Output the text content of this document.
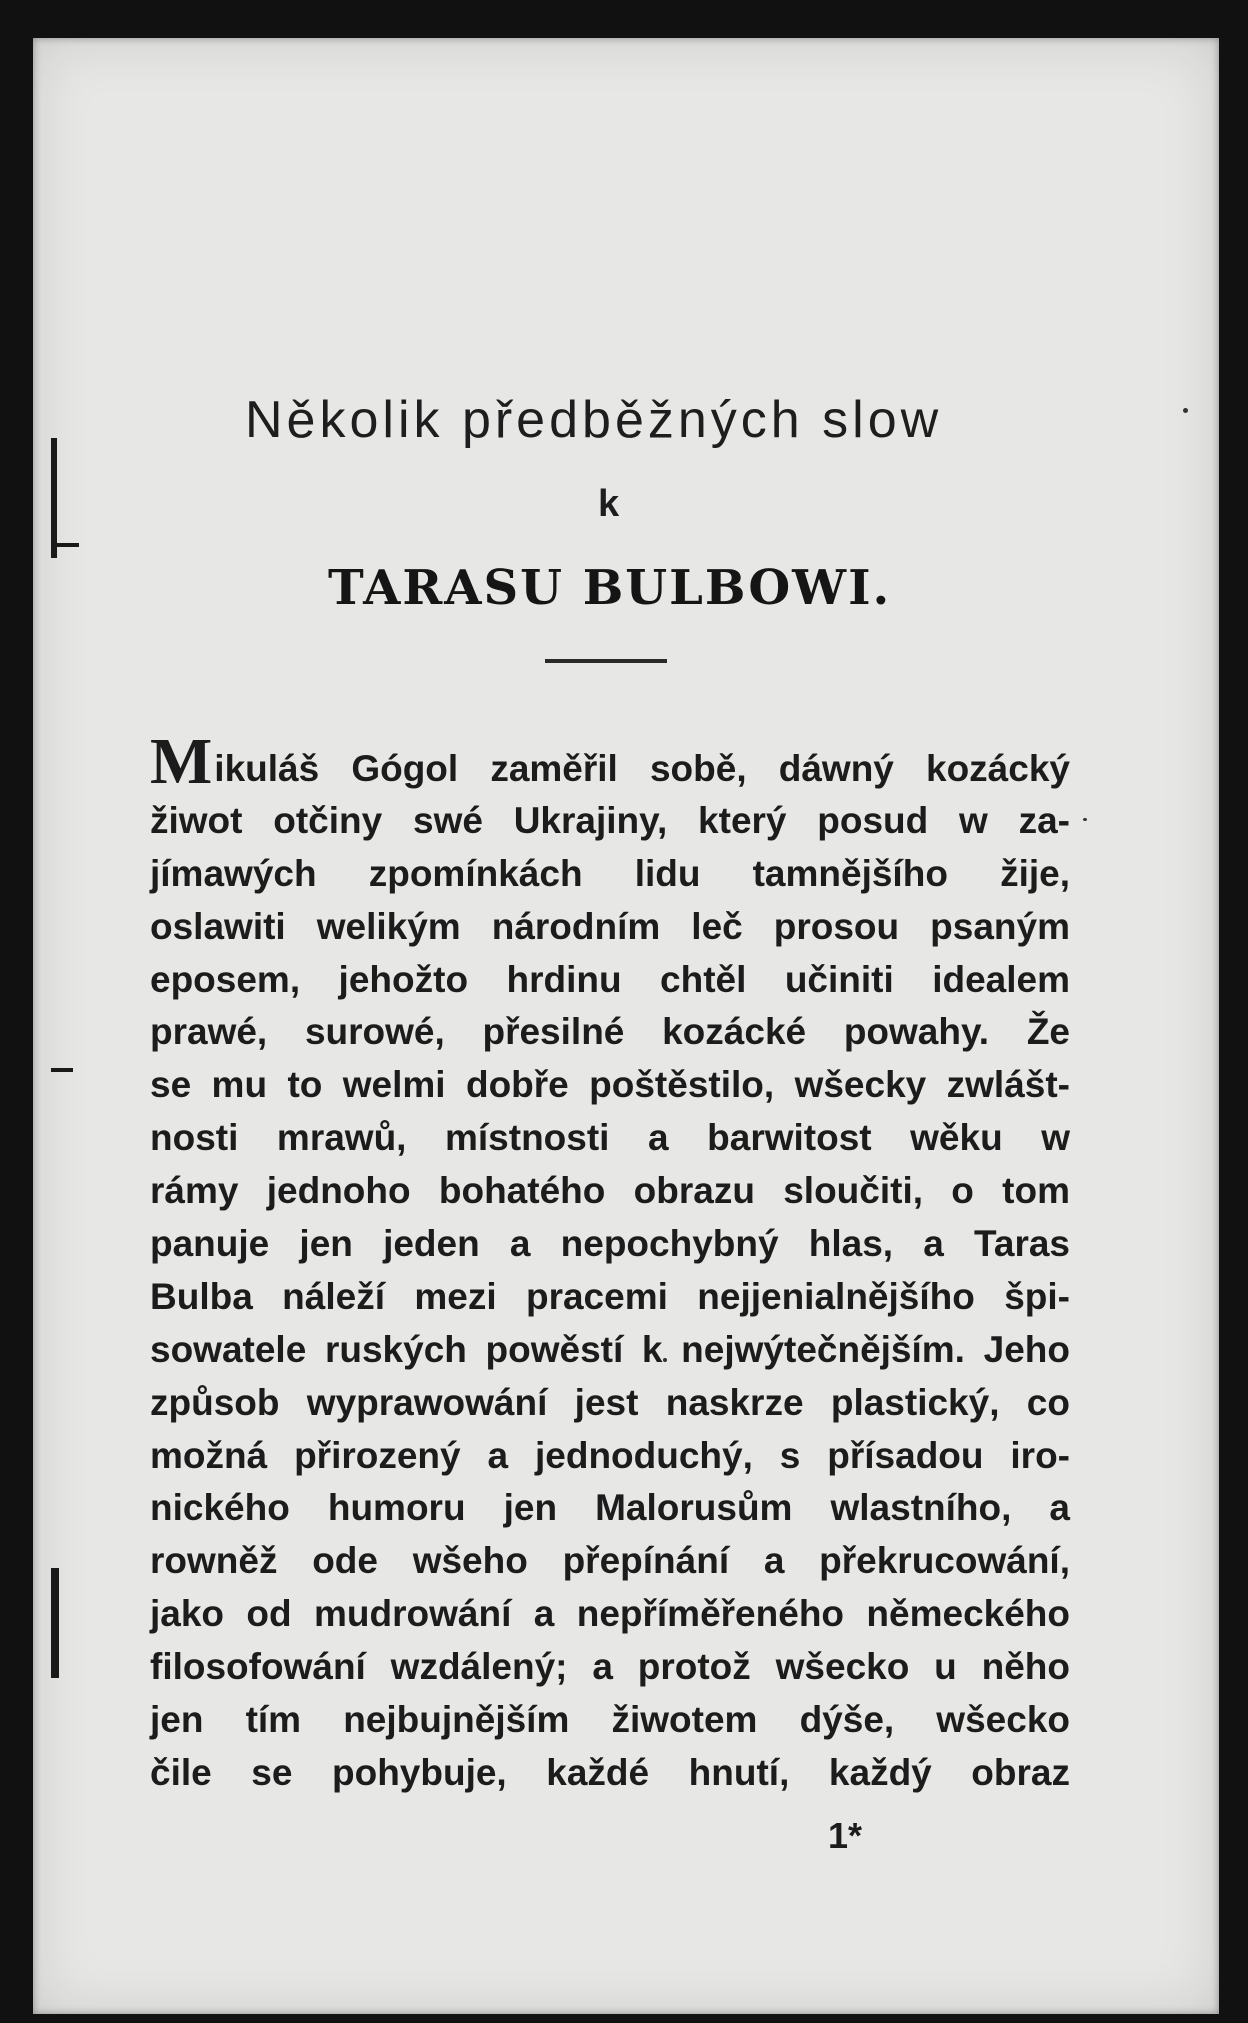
Několik předběžných slow
k
TARASU BULBOWI.
Mikuláš Gógol zaměřil sobě, dáwný kozácký
žiwot otčiny swé Ukrajiny, který posud w za-
jímawých zpomínkách lidu tamnějšího žije,
oslawiti welikým národním leč prosou psaným
eposem, jehožto hrdinu chtěl učiniti idealem
prawé, surowé, přesilné kozácké powahy. Že
se mu to welmi dobře poštěstilo, wšecky zwlášt-
nosti mrawů, místnosti a barwitost wěku w
rámy jednoho bohatého obrazu sloučiti, o tom
panuje jen jeden a nepochybný hlas, a Taras
Bulba náleží mezi pracemi nejjenialnějšího špi-
sowatele ruských powěstí k nejwýtečnějším. Jeho
způsob wyprawowání jest naskrze plastický, co
možná přirozený a jednoduchý, s přísadou iro-
nického humoru jen Malorusům wlastního, a
rowněž ode wšeho přepínání a překrucowání,
jako od mudrowání a nepříměřeného německého
filosofowání wzdálený; a protož wšecko u něho
jen tím nejbujnějším žiwotem dýše, wšecko
čile se pohybuje, každé hnutí, každý obraz
1*
